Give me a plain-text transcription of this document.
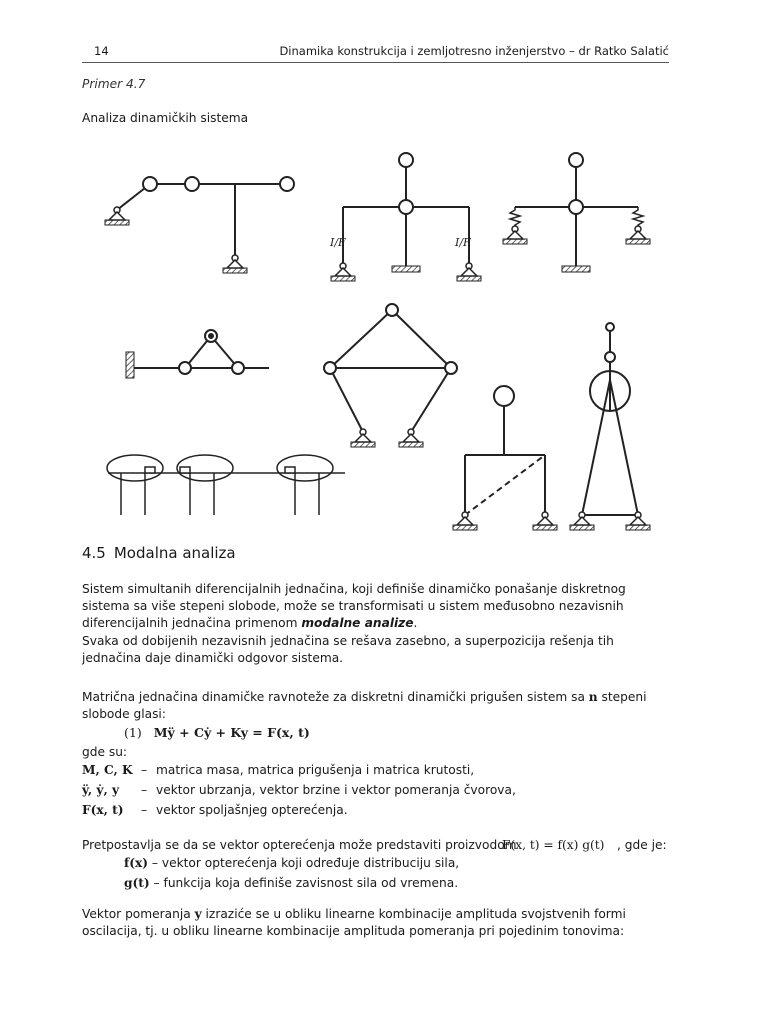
14	Dinamika konstrukcija i zemljotresno inženjerstvo – dr Ratko Salatić
Primer 4.7
Analiza dinamičkih sistema
I/F	I/F
4.5 Modalna analiza
Sistem simultanih diferencijalnih jednačina, koji definiše dinamičko ponašanje diskretnog sistema sa više stepeni slobode, može se transformisati u sistem međusobno nezavisnih diferencijalnih jednačina primenom modalne analize.
Svaka od dobijenih nezavisnih jednačina se rešava zasebno, a superpozicija rešenja tih jednačina daje dinamički odgovor sistema.
Matrična jednačina dinamičke ravnoteže za diskretni dinamički prigušen sistem sa n stepeni slobode glasi:
(1) Mÿ + Cẏ + Ky = F(x, t)
gde su:
M, C, K – matrica masa, matrica prigušenja i matrica krutosti,
ÿ, ẏ, y – vektor ubrzanja, vektor brzine i vektor pomeranja čvorova,
F(x, t) – vektor spoljašnjeg opterećenja.
Pretpostavlja se da se vektor opterećenja može predstaviti proizvodom
F(x, t) = f(x) g(t) , gde je:
f(x) – vektor opterećenja koji određuje distribuciju sila,
g(t) – funkcija koja definiše zavisnost sila od vremena.
Vektor pomeranja y izraziće se u obliku linearne kombinacije amplituda svojstvenih formi oscilacija, tj. u obliku linearne kombinacije amplituda pomeranja pri pojedinim tonovima:
